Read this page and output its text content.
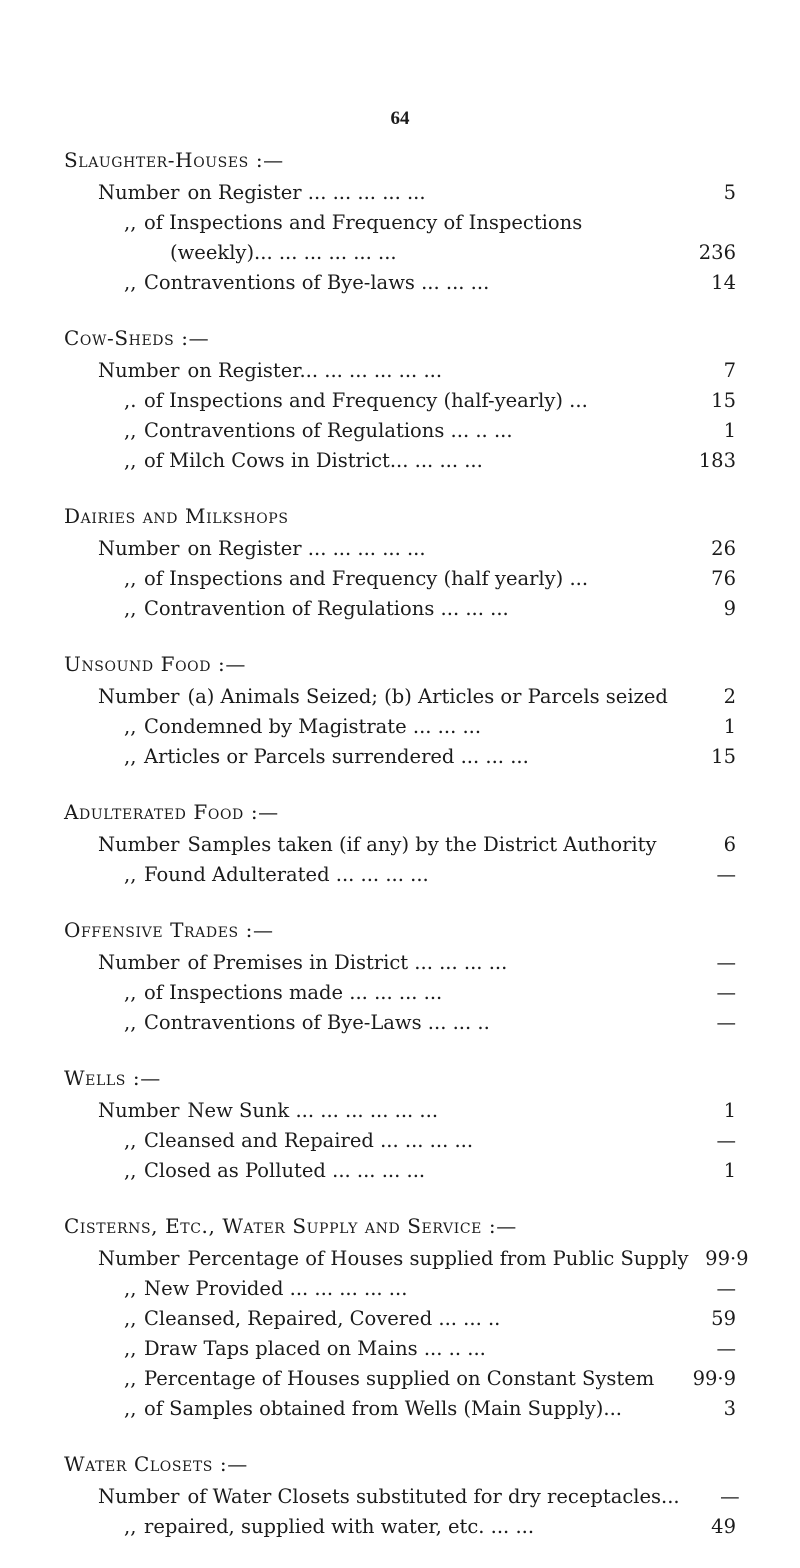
64
Slaughter-Houses :—
Number on Register ... ... ... ... ...	5
,, of Inspections and Frequency of Inspections
(weekly)... ... ... ... ... ...	236
,, Contraventions of Bye-laws ... ... ...	14
Cow-Sheds :—
Number on Register... ... ... ... ... ...	7
,. of Inspections and Frequency (half-yearly) ...	15
,, Contraventions of Regulations ... .. ...	1
,, of Milch Cows in District... ... ... ...	183
Dairies and Milkshops
Number on Register ... ... ... ... ...	26
,, of Inspections and Frequency (half yearly) ...	76
,, Contravention of Regulations ... ... ...	9
Unsound Food :—
Number (a) Animals Seized; (b) Articles or Parcels seized	2
,, Condemned by Magistrate ... ... ...	1
,, Articles or Parcels surrendered ... ... ...	15
Adulterated Food :—
Number Samples taken (if any) by the District Authority	6
,, Found Adulterated ... ... ... ...	—
Offensive Trades :—
Number of Premises in District ... ... ... ...	—
,, of Inspections made ... ... ... ...	—
,, Contraventions of Bye-Laws ... ... ..	—
Wells :—
Number New Sunk ... ... ... ... ... ...	1
,, Cleansed and Repaired ... ... ... ...	—
,, Closed as Polluted ... ... ... ...	1
Cisterns, Etc., Water Supply and Service :—
Number Percentage of Houses supplied from Public Supply 99·9
,, New Provided ... ... ... ... ...	—
,, Cleansed, Repaired, Covered ... ... ..	59
,, Draw Taps placed on Mains ... .. ...	—
,, Percentage of Houses supplied on Constant System	99·9
,, of Samples obtained from Wells (Main Supply)...	3
Water Closets :—
Number of Water Closets substituted for dry receptacles...	—
,, repaired, supplied with water, etc. ... ...	49
